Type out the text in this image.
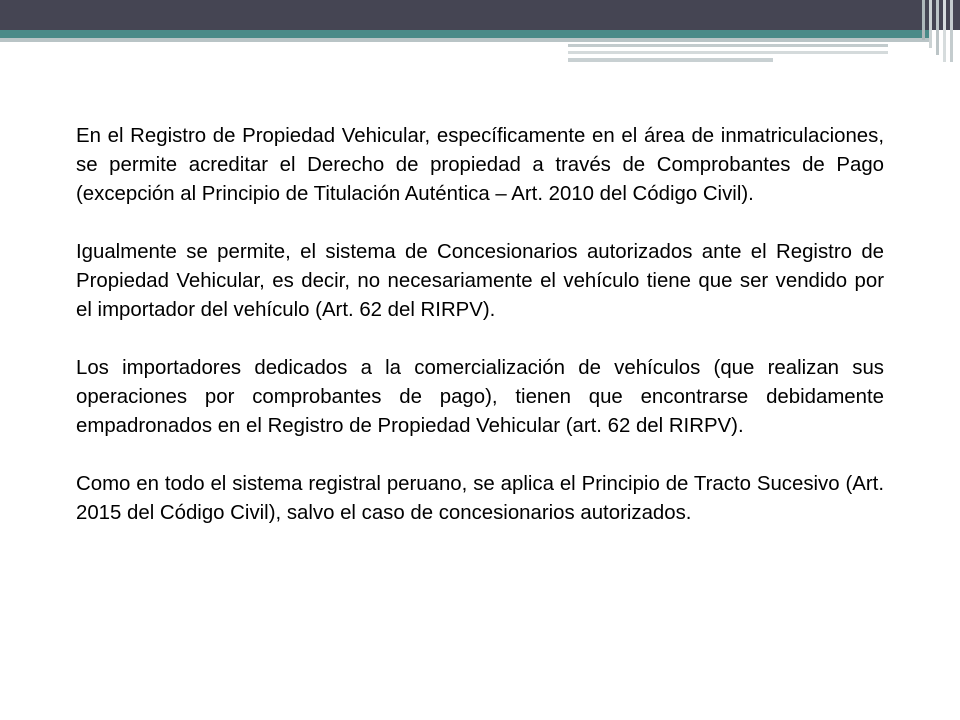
En el Registro de Propiedad Vehicular, específicamente en el área de inmatriculaciones, se permite acreditar el Derecho de propiedad a través de Comprobantes de Pago (excepción al Principio de Titulación Auténtica – Art. 2010 del Código Civil).

Igualmente se permite, el sistema de Concesionarios autorizados ante el Registro de Propiedad Vehicular, es decir, no necesariamente el vehículo tiene que ser vendido por el importador del vehículo (Art. 62 del RIRPV).

Los importadores dedicados a la comercialización de vehículos (que realizan sus operaciones por comprobantes de pago), tienen que encontrarse debidamente empadronados en el Registro de Propiedad Vehicular (art. 62 del RIRPV).

Como en todo el sistema registral peruano, se aplica el Principio de Tracto Sucesivo (Art. 2015 del Código Civil), salvo el caso de concesionarios autorizados.
